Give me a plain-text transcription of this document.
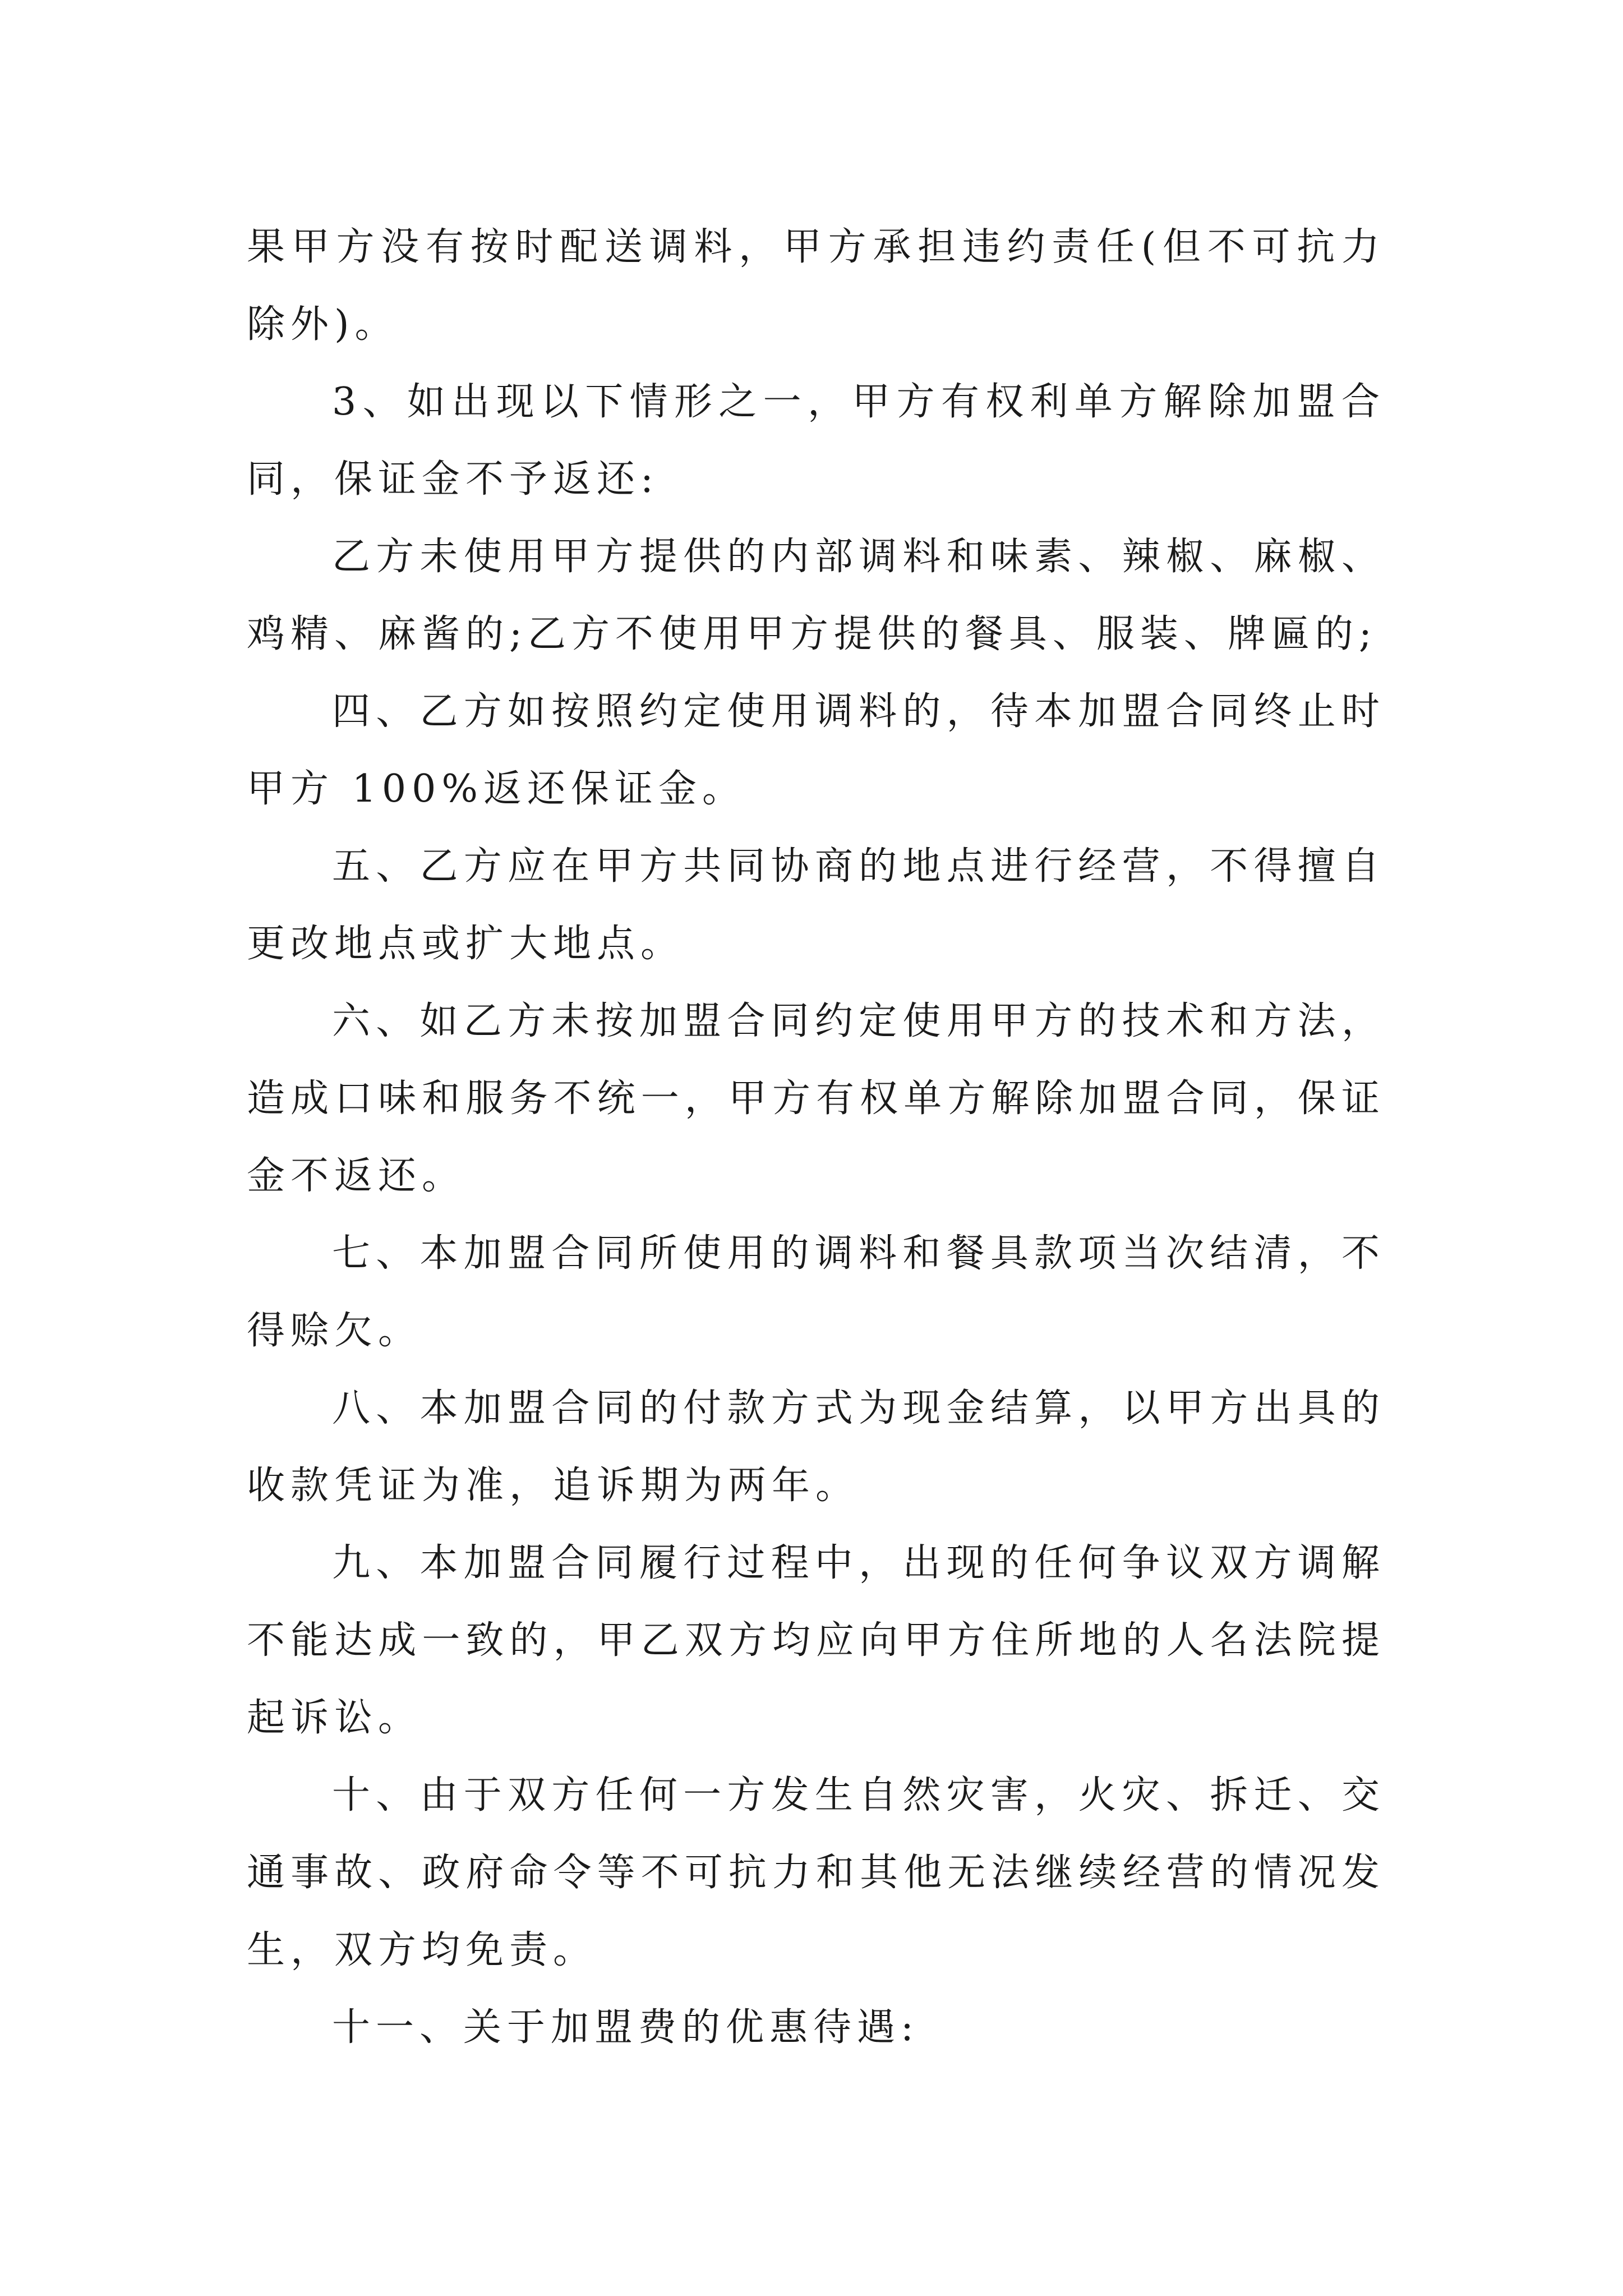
果甲方没有按时配送调料，甲方承担违约责任(但不可抗力除外)。

3、如出现以下情形之一，甲方有权利单方解除加盟合同，保证金不予返还:

乙方未使用甲方提供的内部调料和味素、辣椒、麻椒、鸡精、麻酱的;乙方不使用甲方提供的餐具、服装、牌匾的;

四、乙方如按照约定使用调料的，待本加盟合同终止时甲方 100%返还保证金。

五、乙方应在甲方共同协商的地点进行经营，不得擅自更改地点或扩大地点。

六、如乙方未按加盟合同约定使用甲方的技术和方法，造成口味和服务不统一，甲方有权单方解除加盟合同，保证金不返还。

七、本加盟合同所使用的调料和餐具款项当次结清，不得赊欠。

八、本加盟合同的付款方式为现金结算，以甲方出具的收款凭证为准，追诉期为两年。

九、本加盟合同履行过程中，出现的任何争议双方调解不能达成一致的，甲乙双方均应向甲方住所地的人名法院提起诉讼。

十、由于双方任何一方发生自然灾害，火灾、拆迁、交通事故、政府命令等不可抗力和其他无法继续经营的情况发生，双方均免责。

十一、关于加盟费的优惠待遇:
